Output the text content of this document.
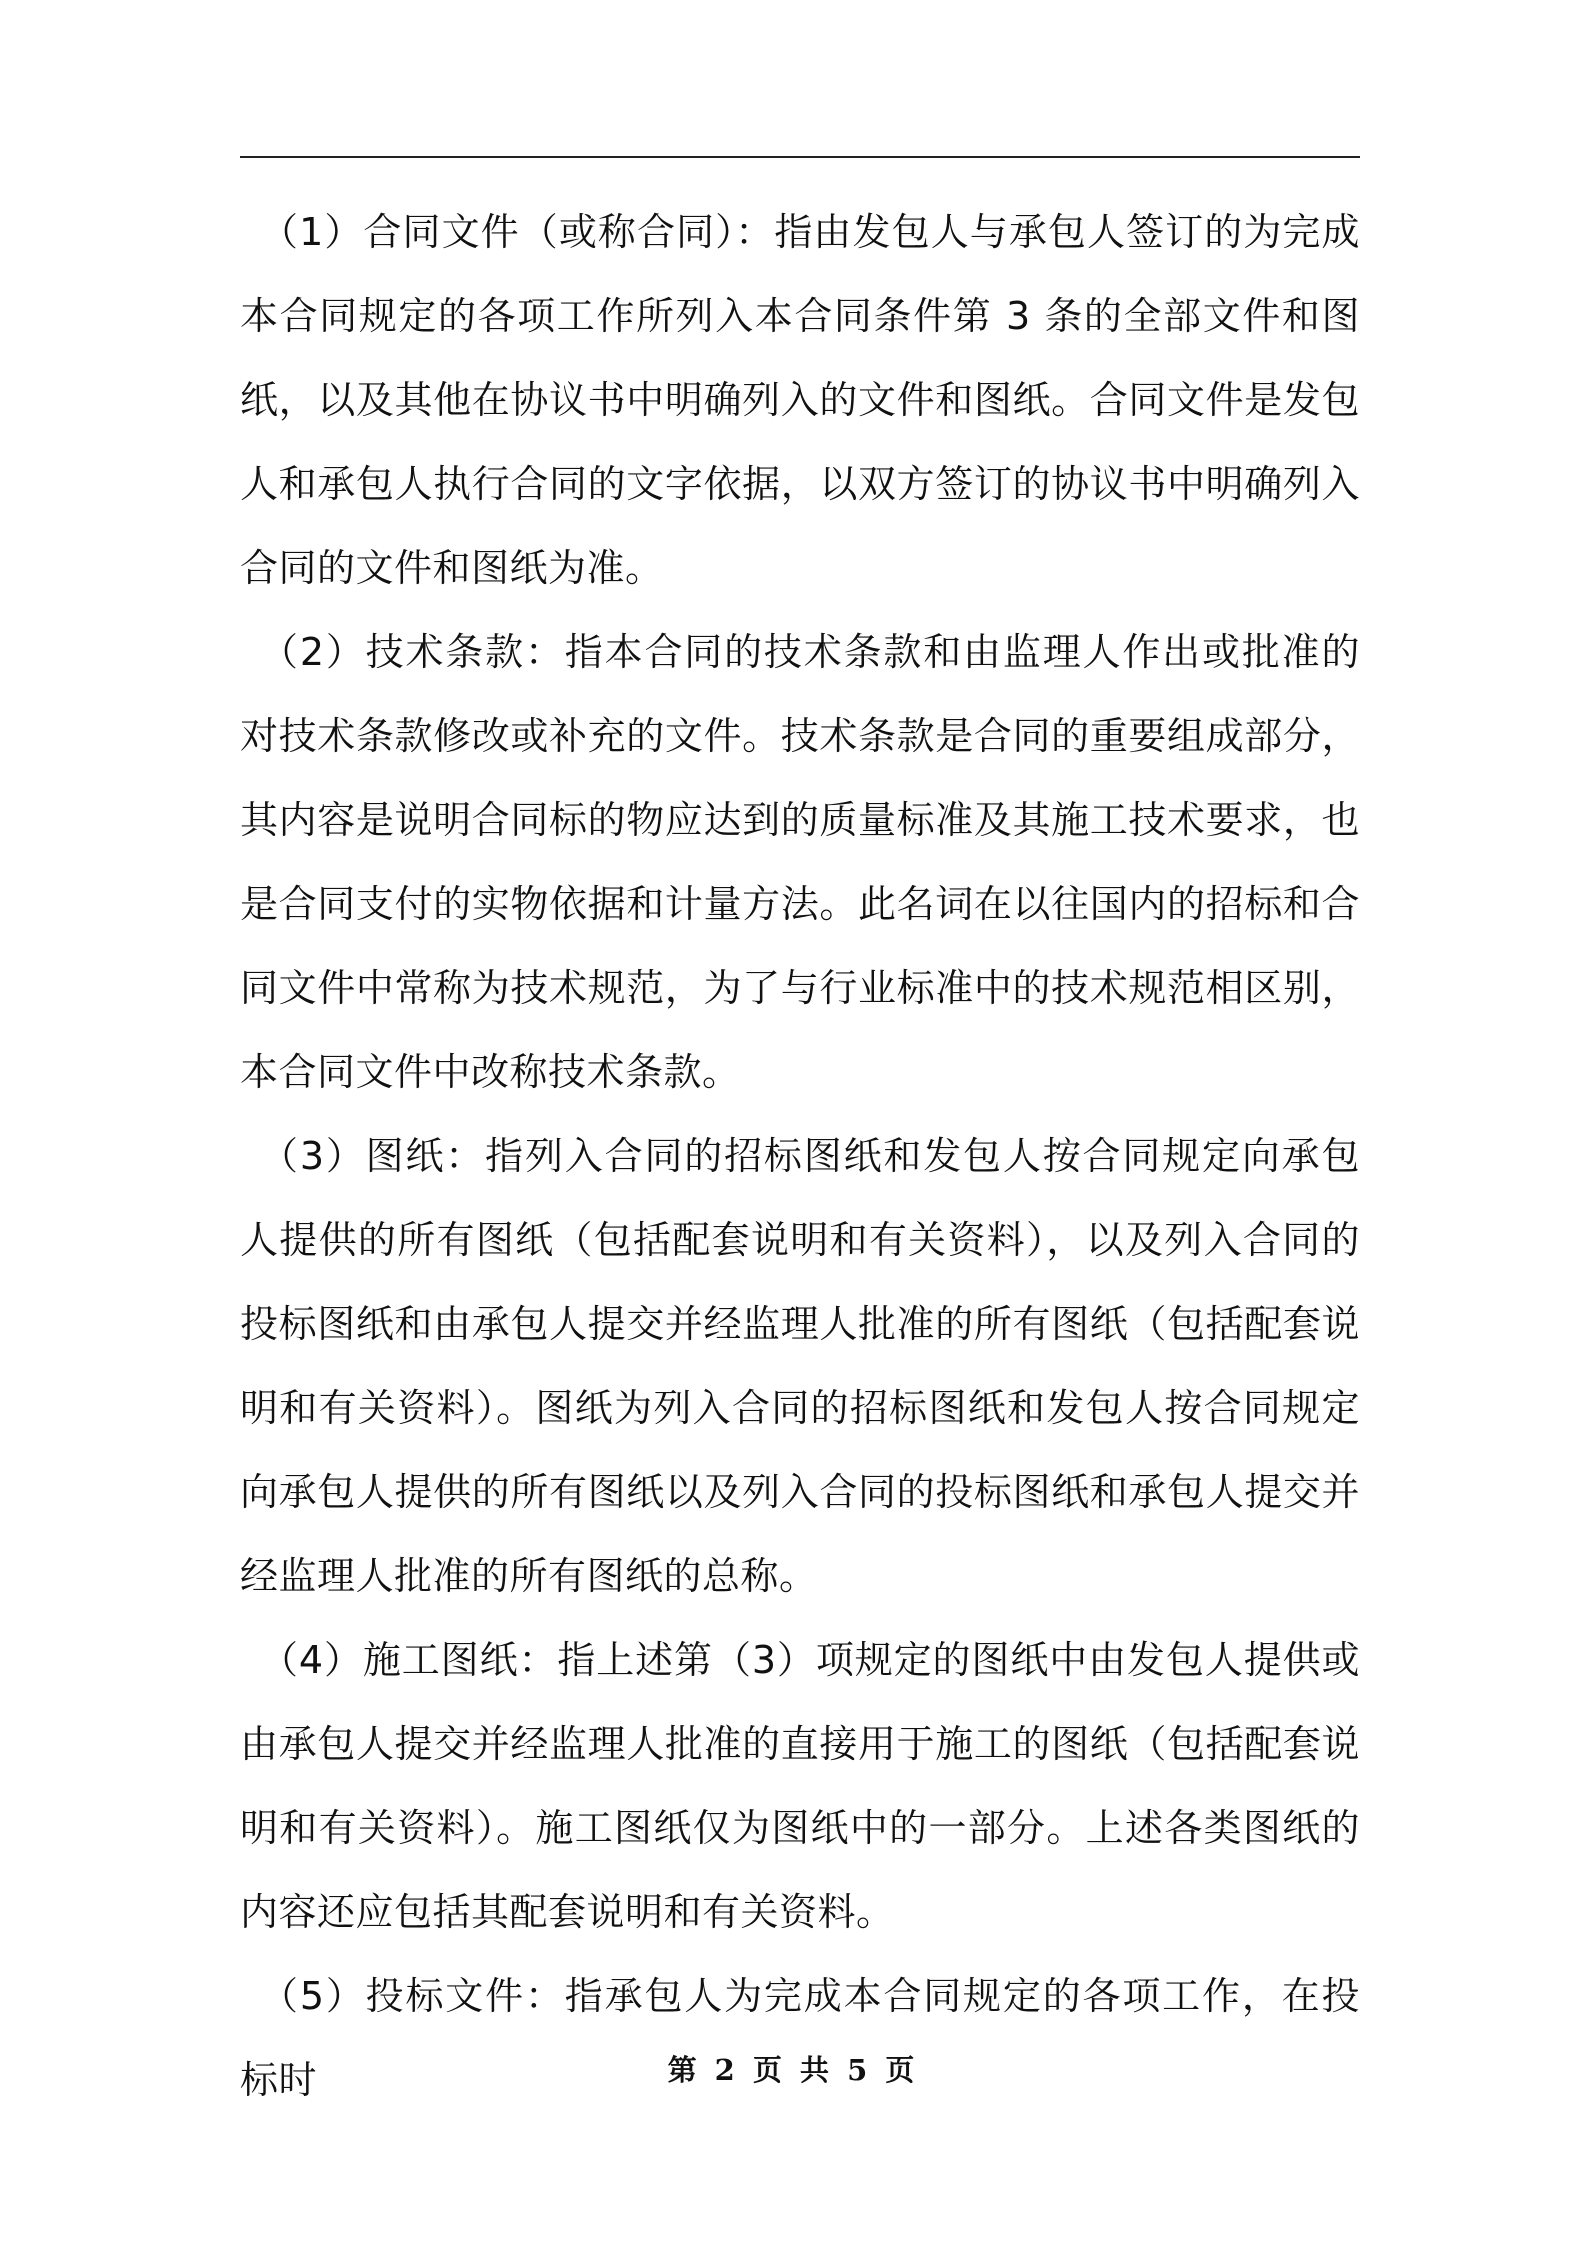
（1）合同文件（或称合同）：指由发包人与承包人签订的为完成本合同规定的各项工作所列入本合同条件第 3 条的全部文件和图纸，以及其他在协议书中明确列入的文件和图纸。合同文件是发包人和承包人执行合同的文字依据，以双方签订的协议书中明确列入合同的文件和图纸为准。

（2）技术条款：指本合同的技术条款和由监理人作出或批准的对技术条款修改或补充的文件。技术条款是合同的重要组成部分，其内容是说明合同标的物应达到的质量标准及其施工技术要求，也是合同支付的实物依据和计量方法。此名词在以往国内的招标和合同文件中常称为技术规范，为了与行业标准中的技术规范相区别，本合同文件中改称技术条款。

（3）图纸：指列入合同的招标图纸和发包人按合同规定向承包人提供的所有图纸（包括配套说明和有关资料），以及列入合同的投标图纸和由承包人提交并经监理人批准的所有图纸（包括配套说明和有关资料）。图纸为列入合同的招标图纸和发包人按合同规定向承包人提供的所有图纸以及列入合同的投标图纸和承包人提交并经监理人批准的所有图纸的总称。

（4）施工图纸：指上述第（3）项规定的图纸中由发包人提供或由承包人提交并经监理人批准的直接用于施工的图纸（包括配套说明和有关资料）。施工图纸仅为图纸中的一部分。上述各类图纸的内容还应包括其配套说明和有关资料。

（5）投标文件：指承包人为完成本合同规定的各项工作，在投标时	第 2 页 共 5 页
